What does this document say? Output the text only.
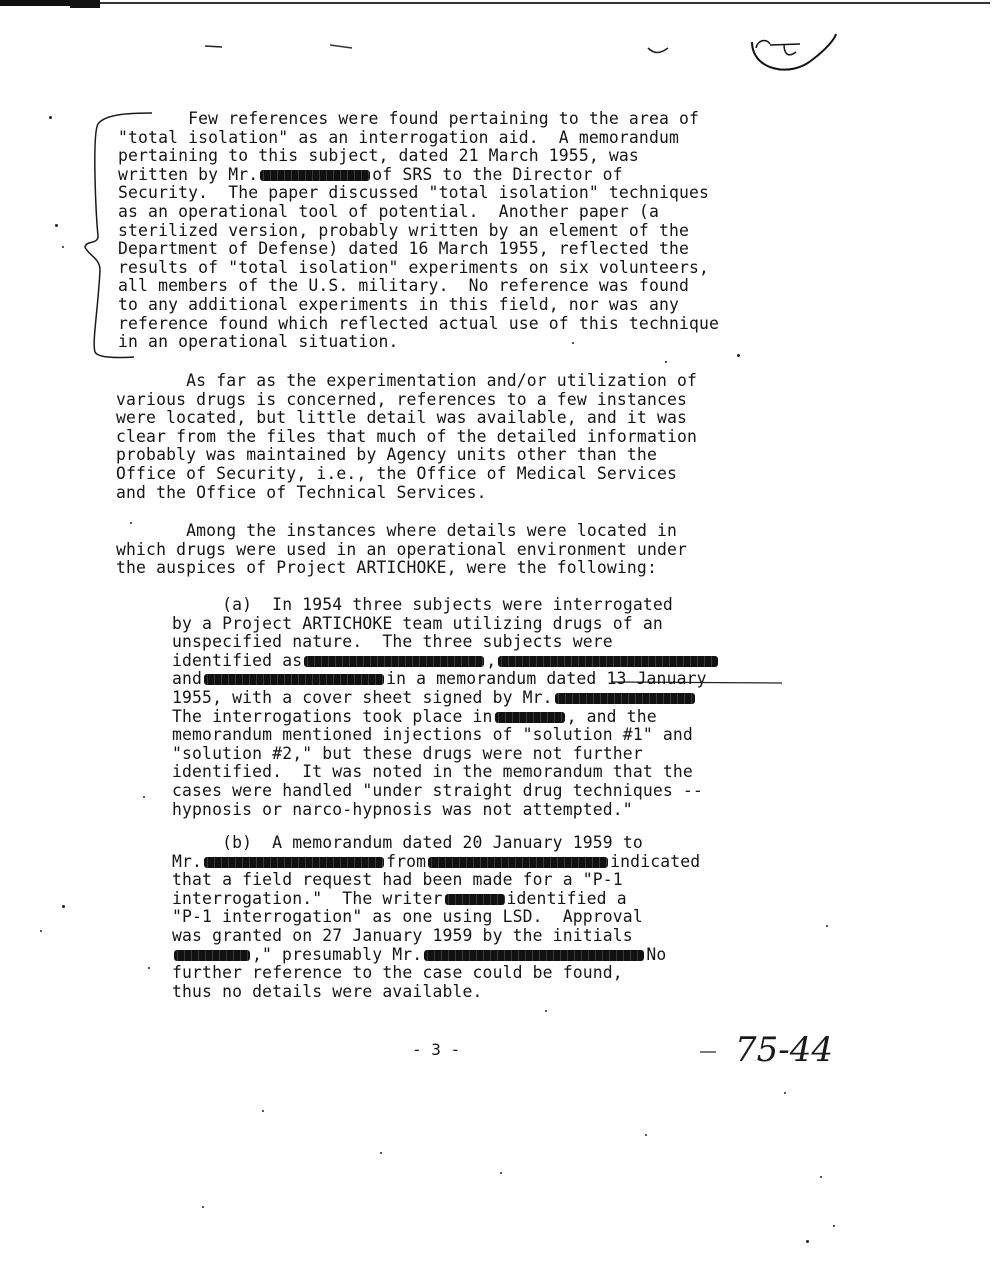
Few references were found pertaining to the area of
"total isolation" as an interrogation aid.  A memorandum
pertaining to this subject, dated 21 March 1955, was
written by Mr.	of SRS to the Director of
Security.  The paper discussed "total isolation" techniques
as an operational tool of potential.  Another paper (a
sterilized version, probably written by an element of the
Department of Defense) dated 16 March 1955, reflected the
results of "total isolation" experiments on six volunteers,
all members of the U.S. military.  No reference was found
to any additional experiments in this field, nor was any
reference found which reflected actual use of this technique
in an operational situation.
As far as the experimentation and/or utilization of
various drugs is concerned, references to a few instances
were located, but little detail was available, and it was
clear from the files that much of the detailed information
probably was maintained by Agency units other than the
Office of Security, i.e., the Office of Medical Services
and the Office of Technical Services.
Among the instances where details were located in
which drugs were used in an operational environment under
the auspices of Project ARTICHOKE, were the following:
(a)  In 1954 three subjects were interrogated
by a Project ARTICHOKE team utilizing drugs of an
unspecified nature.  The three subjects were
identified as	,
and	in a memorandum dated 13 January
1955, with a cover sheet signed by Mr.
The interrogations took place in	, and the
memorandum mentioned injections of "solution #1" and
"solution #2," but these drugs were not further
identified.  It was noted in the memorandum that the
cases were handled "under straight drug techniques --
hypnosis or narco-hypnosis was not attempted."
(b)  A memorandum dated 20 January 1959 to
Mr.	from	indicated
that a field request had been made for a "P-1
interrogation."  The writer	identified a
"P-1 interrogation" as one using LSD.  Approval
was granted on 27 January 1959 by the initials
," presumably Mr.	No
further reference to the case could be found,
thus no details were available.
- 3 -	75-44
